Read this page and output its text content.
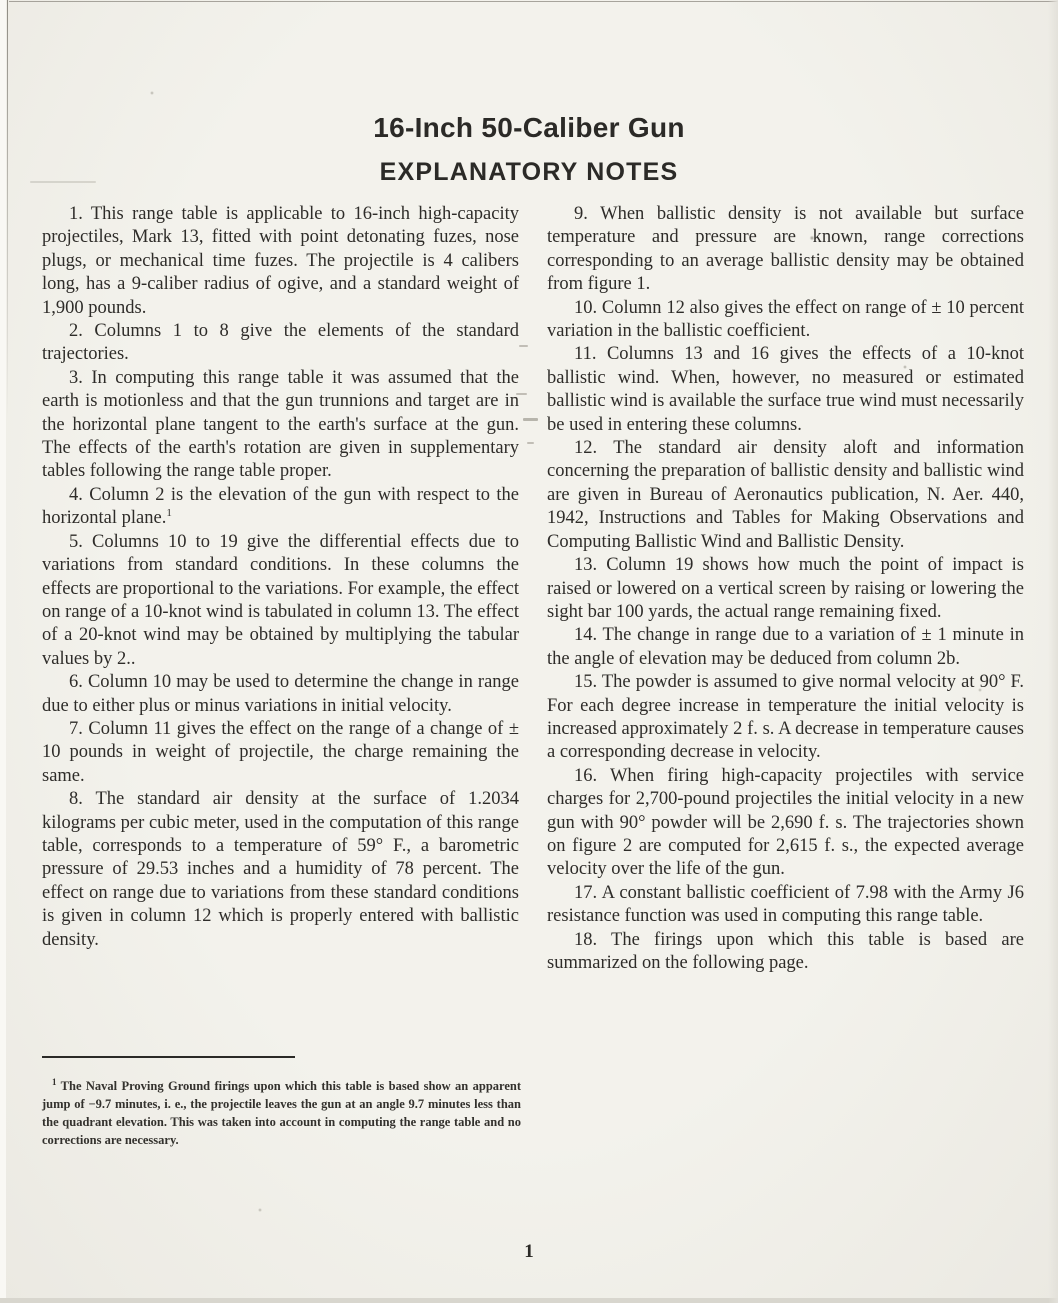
16-Inch 50-Caliber Gun
EXPLANATORY NOTES

1. This range table is applicable to 16-inch high-capacity projectiles, Mark 13, fitted with point detonating fuzes, nose plugs, or mechanical time fuzes. The projectile is 4 calibers long, has a 9-caliber radius of ogive, and a standard weight of 1,900 pounds.

2. Columns 1 to 8 give the elements of the standard trajectories.

3. In computing this range table it was assumed that the earth is motionless and that the gun trunnions and target are in the horizontal plane tangent to the earth's surface at the gun. The effects of the earth's rotation are given in supplementary tables following the range table proper.

4. Column 2 is the elevation of the gun with respect to the horizontal plane.$^1$

5. Columns 10 to 19 give the differential effects due to variations from standard conditions. In these columns the effects are proportional to the variations. For example, the effect on range of a 10-knot wind is tabulated in column 13. The effect of a 20-knot wind may be obtained by multiplying the tabular values by 2..

6. Column 10 may be used to determine the change in range due to either plus or minus variations in initial velocity.

7. Column 11 gives the effect on the range of a change of ± 10 pounds in weight of projectile, the charge remaining the same.

8. The standard air density at the surface of 1.2034 kilograms per cubic meter, used in the computation of this range table, corresponds to a temperature of 59° F., a barometric pressure of 29.53 inches and a humidity of 78 percent. The effect on range due to variations from these standard conditions is given in column 12 which is properly entered with ballistic density.

9. When ballistic density is not available but surface temperature and pressure are known, range corrections corresponding to an average ballistic density may be obtained from figure 1.

10. Column 12 also gives the effect on range of ± 10 percent variation in the ballistic coefficient.

11. Columns 13 and 16 gives the effects of a 10-knot ballistic wind. When, however, no measured or estimated ballistic wind is available the surface true wind must necessarily be used in entering these columns.

12. The standard air density aloft and information concerning the preparation of ballistic density and ballistic wind are given in Bureau of Aeronautics publication, N. Aer. 440, 1942, Instructions and Tables for Making Observations and Computing Ballistic Wind and Ballistic Density.

13. Column 19 shows how much the point of impact is raised or lowered on a vertical screen by raising or lowering the sight bar 100 yards, the actual range remaining fixed.

14. The change in range due to a variation of ± 1 minute in the angle of elevation may be deduced from column 2b.

15. The powder is assumed to give normal velocity at 90° F. For each degree increase in temperature the initial velocity is increased approximately 2 f. s. A decrease in temperature causes a corresponding decrease in velocity.

16. When firing high-capacity projectiles with service charges for 2,700-pound projectiles the initial velocity in a new gun with 90° powder will be 2,690 f. s. The trajectories shown on figure 2 are computed for 2,615 f. s., the expected average velocity over the life of the gun.

17. A constant ballistic coefficient of 7.98 with the Army J6 resistance function was used in computing this range table.

18. The firings upon which this table is based are summarized on the following page.

$^1$ The Naval Proving Ground firings upon which this table is based show an apparent jump of −9.7 minutes, i. e., the projectile leaves the gun at an angle 9.7 minutes less than the quadrant elevation. This was taken into account in computing the range table and no corrections are necessary.

1
